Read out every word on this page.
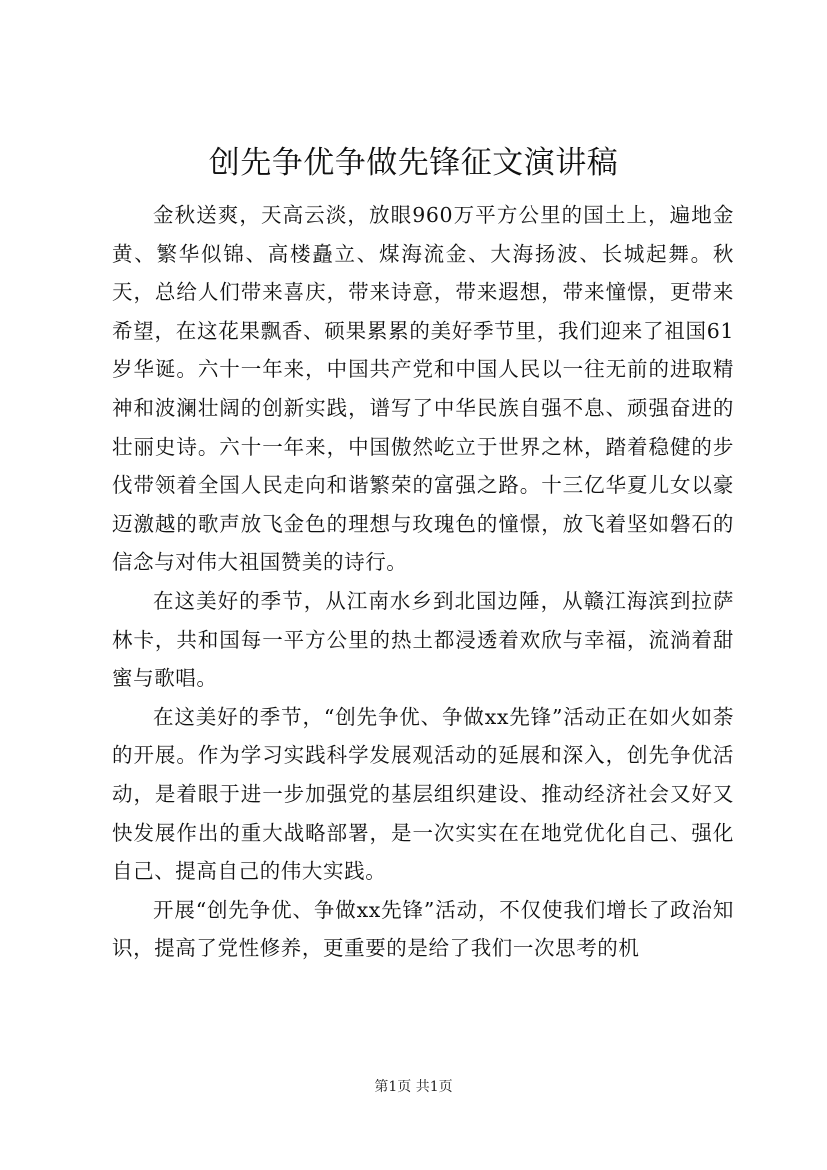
创先争优争做先锋征文演讲稿

金秋送爽，天高云淡，放眼960万平方公里的国土上，遍地金黄、繁华似锦、高楼矗立、煤海流金、大海扬波、长城起舞。秋天，总给人们带来喜庆，带来诗意，带来遐想，带来憧憬，更带来希望，在这花果飘香、硕果累累的美好季节里，我们迎来了祖国61岁华诞。六十一年来，中国共产党和中国人民以一往无前的进取精神和波澜壮阔的创新实践，谱写了中华民族自强不息、顽强奋进的壮丽史诗。六十一年来，中国傲然屹立于世界之林，踏着稳健的步伐带领着全国人民走向和谐繁荣的富强之路。十三亿华夏儿女以豪迈激越的歌声放飞金色的理想与玫瑰色的憧憬，放飞着坚如磐石的信念与对伟大祖国赞美的诗行。

在这美好的季节，从江南水乡到北国边陲，从赣江海滨到拉萨林卡，共和国每一平方公里的热土都浸透着欢欣与幸福，流淌着甜蜜与歌唱。

在这美好的季节，“创先争优、争做xx先锋”活动正在如火如荼的开展。作为学习实践科学发展观活动的延展和深入，创先争优活动，是着眼于进一步加强党的基层组织建设、推动经济社会又好又快发展作出的重大战略部署，是一次实实在在地党优化自己、强化自己、提高自己的伟大实践。

开展“创先争优、争做xx先锋”活动，不仅使我们增长了政治知识，提高了党性修养，更重要的是给了我们一次思考的机

第1页 共1页
